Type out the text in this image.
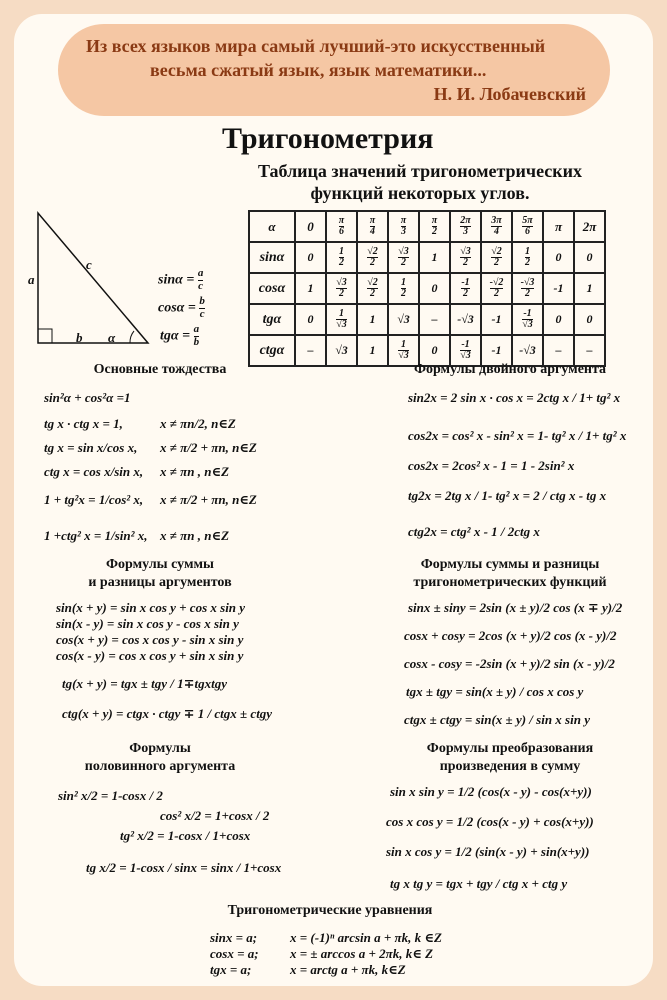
Из всех языков мира самый лучший-это искусственный
весьма сжатый язык, язык математики...
Н. И. Лобачевский
Тригонометрия
Таблица значений тригонометрических
функций некоторых углов.
a
c
b α
$\sin\alpha = \frac{a}{c}$
$\cos\alpha = \frac{b}{c}$
$tg\alpha = \frac{a}{b}$
α	0	$\frac{\pi}{6}$	$\frac{\pi}{4}$	$\frac{\pi}{3}$	$\frac{\pi}{2}$	$\frac{2\pi}{3}$	$\frac{3\pi}{4}$	$\frac{5\pi}{6}$	π	2π
sinα	0	$\frac{1}{2}$	$\frac{√2}{2}$	$\frac{√3}{2}$	1	$\frac{√3}{2}$	$\frac{√2}{2}$	$\frac{1}{2}$	0	0
cosα	1	$\frac{√3}{2}$	$\frac{√2}{2}$	$\frac{1}{2}$	0	$\frac{-1}{2}$	$\frac{-√2}{2}$	$\frac{-√3}{2}$	-1	1
tgα	0	$\frac{1}{√3}$	1	√3	–	-√3	-1	$\frac{-1}{√3}$	0	0
ctgα	–	√3	1	$\frac{1}{√3}$	0	$\frac{-1}{√3}$	-1	-√3	–	–
Основные тождества	Формулы двойного аргумента
Формулы суммы
и разницы аргументов
Формулы суммы и разницы
тригонометрических функций
Формулы
половинного аргумента
Формулы преобразования
произведения в сумму
Тригонометрические уравнения
sin²α + cos²α =1
tg x · ctg x = 1,	x ≠ πn/2, n∈Z
tg x = sin x/cos x, x ≠ π/2 + πn, n∈Z
ctg x = cos x/sin x, x ≠ πn , n∈Z
1 + tg²x = 1/cos² x, x ≠ π/2 + πn, n∈Z
1 +ctg² x = 1/sin² x, x ≠ πn , n∈Z
sin2x = 2 sin x · cos x = 2ctg x / 1+ tg² x
cos2x = cos² x - sin² x = 1- tg² x / 1+ tg² x
cos2x = 2cos² x - 1 = 1 - 2sin² x
tg2x = 2tg x / 1- tg² x = 2 / ctg x - tg x
ctg2x = ctg² x - 1 / 2ctg x
sin(x + y) = sin x cos y + cos x sin y
sin(x - y) = sin x cos y - cos x sin y
cos(x + y) = cos x cos y - sin x sin y
cos(x - y) = cos x cos y + sin x sin y
tg(x + y) = tgx ± tgy / 1∓tgxtgy
ctg(x + y) = ctgx · ctgy ∓ 1 / ctgx ± ctgy
sinx ± siny = 2sin (x ± y)/2 cos (x ∓ y)/2
cosx + cosy = 2cos (x + y)/2 cos (x - y)/2
cosx - cosy = -2sin (x + y)/2 sin (x - y)/2
tgx ± tgy = sin(x ± y) / cos x cos y
ctgx ± ctgy = sin(x ± y) / sin x sin y
sin² x/2 = 1-cosx / 2
cos² x/2 = 1+cosx / 2
tg² x/2 = 1-cosx / 1+cosx
tg x/2 = 1-cosx / sinx = sinx / 1+cosx
sin x sin y = 1/2 (cos(x - y) - cos(x+y))
cos x cos y = 1/2 (cos(x - y) + cos(x+y))
sin x cos y = 1/2 (sin(x - y) + sin(x+y))
tg x tg y = tgx + tgy / ctg x + ctg y
sinx = a;	x = (-1)ⁿ arcsin a + πk, k ∈Z
cosx = a; x = ± arccos a + 2πk, k∈ Z
tgx = a;	x = arctg a + πk, k∈Z
